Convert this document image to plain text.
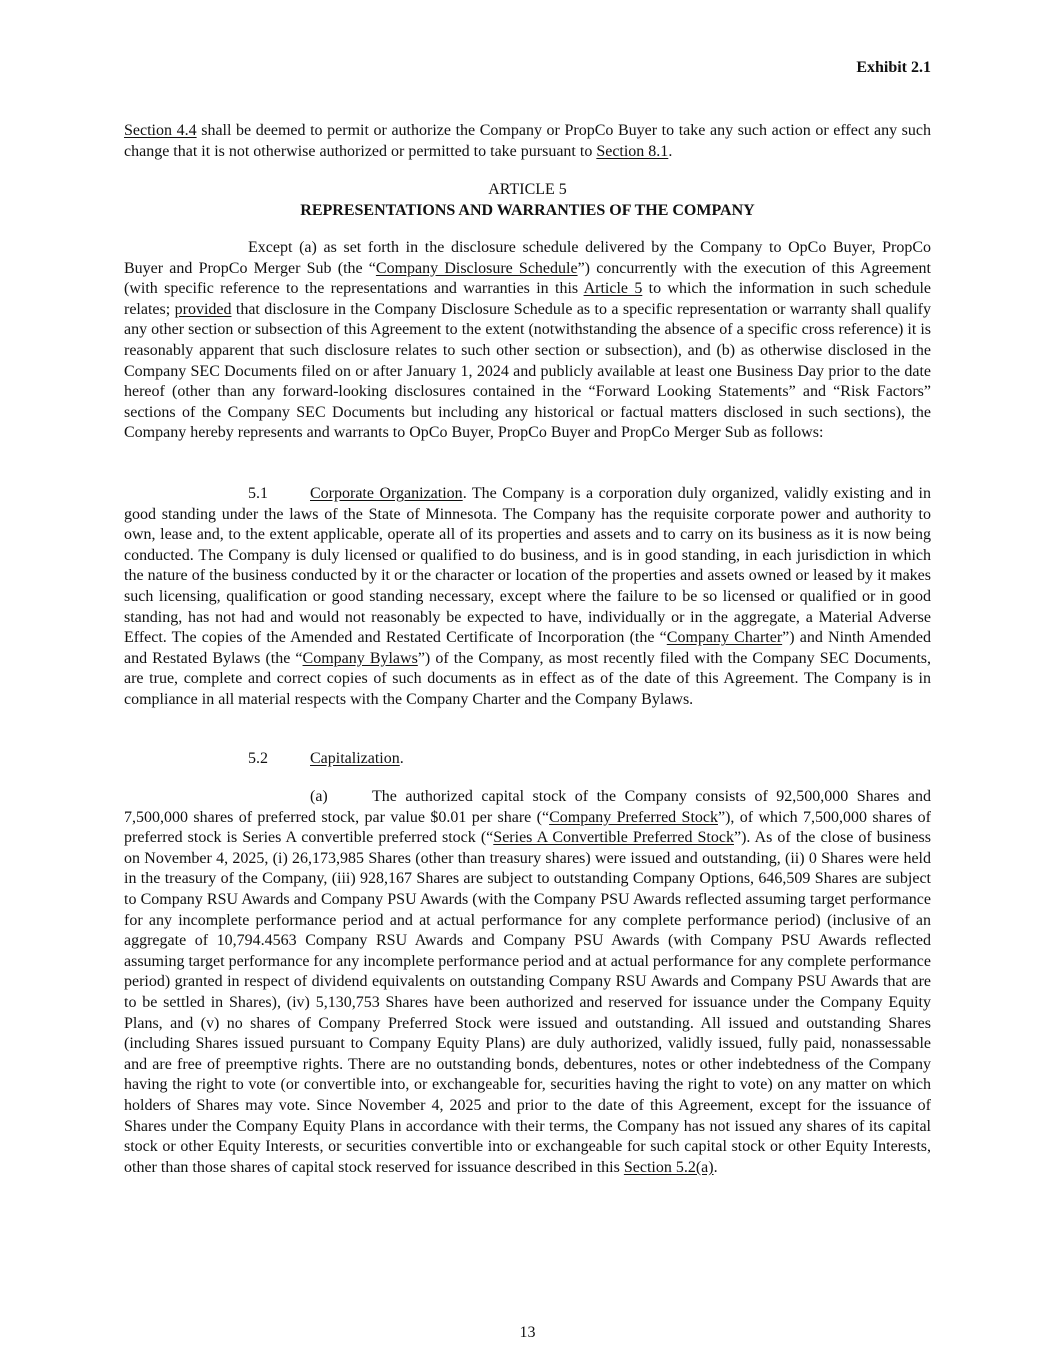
Exhibit 2.1

Section 4.4 shall be deemed to permit or authorize the Company or PropCo Buyer to take any such action or effect any such change that it is not otherwise authorized or permitted to take pursuant to Section 8.1.

ARTICLE 5
REPRESENTATIONS AND WARRANTIES OF THE COMPANY

Except (a) as set forth in the disclosure schedule delivered by the Company to OpCo Buyer, PropCo Buyer and PropCo Merger Sub (the “Company Disclosure Schedule”) concurrently with the execution of this Agreement (with specific reference to the representations and warranties in this Article 5 to which the information in such schedule relates; provided that disclosure in the Company Disclosure Schedule as to a specific representation or warranty shall qualify any other section or subsection of this Agreement to the extent (notwithstanding the absence of a specific cross reference) it is reasonably apparent that such disclosure relates to such other section or subsection), and (b) as otherwise disclosed in the Company SEC Documents filed on or after January 1, 2024 and publicly available at least one Business Day prior to the date hereof (other than any forward-looking disclosures contained in the “Forward Looking Statements” and “Risk Factors” sections of the Company SEC Documents but including any historical or factual matters disclosed in such sections), the Company hereby represents and warrants to OpCo Buyer, PropCo Buyer and PropCo Merger Sub as follows:

5.1	Corporate Organization. The Company is a corporation duly organized, validly existing and in good standing under the laws of the State of Minnesota. The Company has the requisite corporate power and authority to own, lease and, to the extent applicable, operate all of its properties and assets and to carry on its business as it is now being conducted. The Company is duly licensed or qualified to do business, and is in good standing, in each jurisdiction in which the nature of the business conducted by it or the character or location of the properties and assets owned or leased by it makes such licensing, qualification or good standing necessary, except where the failure to be so licensed or qualified or in good standing, has not had and would not reasonably be expected to have, individually or in the aggregate, a Material Adverse Effect. The copies of the Amended and Restated Certificate of Incorporation (the “Company Charter”) and Ninth Amended and Restated Bylaws (the “Company Bylaws”) of the Company, as most recently filed with the Company SEC Documents, are true, complete and correct copies of such documents as in effect as of the date of this Agreement. The Company is in compliance in all material respects with the Company Charter and the Company Bylaws.

5.2	Capitalization.

(a)	The authorized capital stock of the Company consists of 92,500,000 Shares and 7,500,000 shares of preferred stock, par value $0.01 per share (“Company Preferred Stock”), of which 7,500,000 shares of preferred stock is Series A convertible preferred stock (“Series A Convertible Preferred Stock”). As of the close of business on November 4, 2025, (i) 26,173,985 Shares (other than treasury shares) were issued and outstanding, (ii) 0 Shares were held in the treasury of the Company, (iii) 928,167 Shares are subject to outstanding Company Options, 646,509 Shares are subject to Company RSU Awards and Company PSU Awards (with the Company PSU Awards reflected assuming target performance for any incomplete performance period and at actual performance for any complete performance period) (inclusive of an aggregate of 10,794.4563 Company RSU Awards and Company PSU Awards (with Company PSU Awards reflected assuming target performance for any incomplete performance period and at actual performance for any complete performance period) granted in respect of dividend equivalents on outstanding Company RSU Awards and Company PSU Awards that are to be settled in Shares), (iv) 5,130,753 Shares have been authorized and reserved for issuance under the Company Equity Plans, and (v) no shares of Company Preferred Stock were issued and outstanding. All issued and outstanding Shares (including Shares issued pursuant to Company Equity Plans) are duly authorized, validly issued, fully paid, nonassessable and are free of preemptive rights. There are no outstanding bonds, debentures, notes or other indebtedness of the Company having the right to vote (or convertible into, or exchangeable for, securities having the right to vote) on any matter on which holders of Shares may vote. Since November 4, 2025 and prior to the date of this Agreement, except for the issuance of Shares under the Company Equity Plans in accordance with their terms, the Company has not issued any shares of its capital stock or other Equity Interests, or securities convertible into or exchangeable for such capital stock or other Equity Interests, other than those shares of capital stock reserved for issuance described in this Section 5.2(a).

13
